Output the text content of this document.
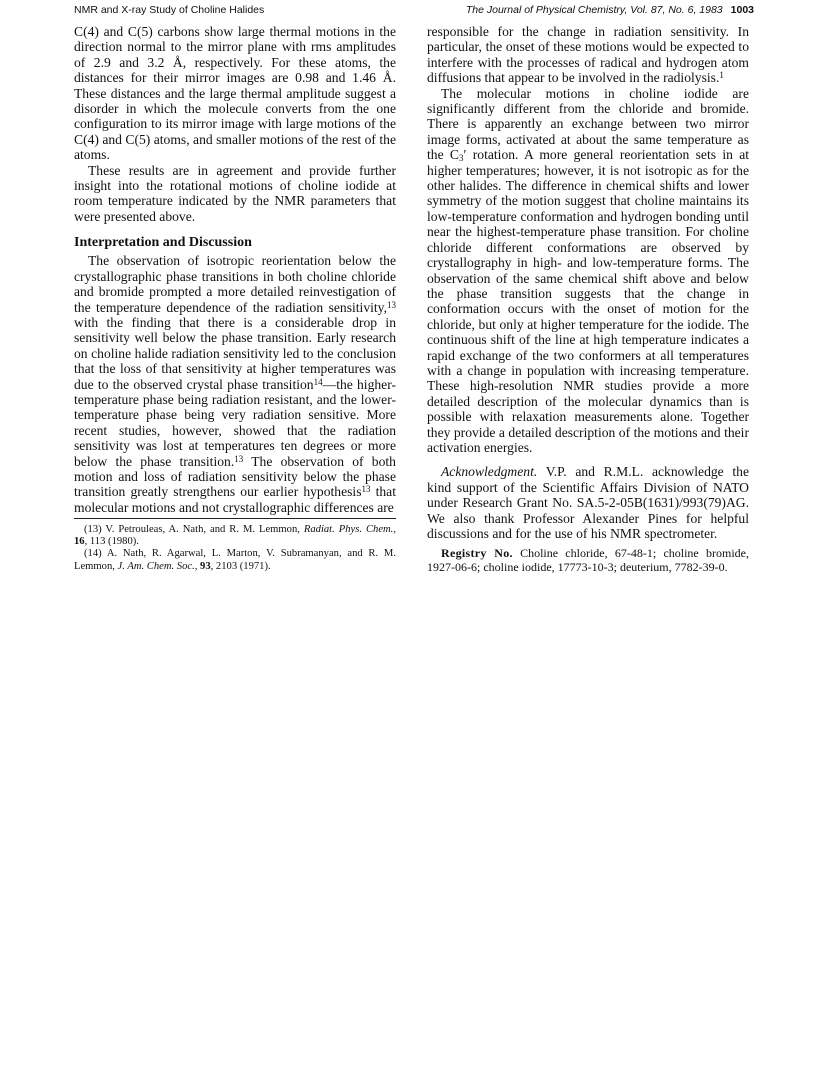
NMR and X-ray Study of Choline Halides	The Journal of Physical Chemistry, Vol. 87, No. 6, 1983 1003

C(4) and C(5) carbons show large thermal motions in the direction normal to the mirror plane with rms amplitudes of 2.9 and 3.2 Å, respectively. For these atoms, the distances for their mirror images are 0.98 and 1.46 Å. These distances and the large thermal amplitude suggest a disorder in which the molecule converts from the one configuration to its mirror image with large motions of the C(4) and C(5) atoms, and smaller motions of the rest of the atoms.

These results are in agreement and provide further insight into the rotational motions of choline iodide at room temperature indicated by the NMR parameters that were presented above.

Interpretation and Discussion

The observation of isotropic reorientation below the crystallographic phase transitions in both choline chloride and bromide prompted a more detailed reinvestigation of the temperature dependence of the radiation sensitivity,$^{13}$ with the finding that there is a considerable drop in sensitivity well below the phase transition. Early research on choline halide radiation sensitivity led to the conclusion that the loss of that sensitivity at higher temperatures was due to the observed crystal phase transition$^{14}$—the higher-temperature phase being radiation resistant, and the lower-temperature phase being very radiation sensitive. More recent studies, however, showed that the radiation sensitivity was lost at temperatures ten degrees or more below the phase transition.$^{13}$ The observation of both motion and loss of radiation sensitivity below the phase transition greatly strengthens our earlier hypothesis$^{13}$ that molecular motions and not crystallographic differences are

(13) V. Petrouleas, A. Nath, and R. M. Lemmon, Radiat. Phys. Chem., 16, 113 (1980).

(14) A. Nath, R. Agarwal, L. Marton, V. Subramanyan, and R. M. Lemmon, J. Am. Chem. Soc., 93, 2103 (1971).

responsible for the change in radiation sensitivity. In particular, the onset of these motions would be expected to interfere with the processes of radical and hydrogen atom diffusions that appear to be involved in the radiolysis.$^1$

The molecular motions in choline iodide are significantly different from the chloride and bromide. There is apparently an exchange between two mirror image forms, activated at about the same temperature as the $C_3'$ rotation. A more general reorientation sets in at higher temperatures; however, it is not isotropic as for the other halides. The difference in chemical shifts and lower symmetry of the motion suggest that choline maintains its low-temperature conformation and hydrogen bonding until near the highest-temperature phase transition. For choline chloride different conformations are observed by crystallography in high- and low-temperature forms. The observation of the same chemical shift above and below the phase transition suggests that the change in conformation occurs with the onset of motion for the chloride, but only at higher temperature for the iodide. The continuous shift of the line at high temperature indicates a rapid exchange of the two conformers at all temperatures with a change in population with increasing temperature. These high-resolution NMR studies provide a more detailed description of the molecular dynamics than is possible with relaxation measurements alone. Together they provide a detailed description of the motions and their activation energies.

Acknowledgment. V.P. and R.M.L. acknowledge the kind support of the Scientific Affairs Division of NATO under Research Grant No. SA.5-2-05B(1631)/993(79)AG. We also thank Professor Alexander Pines for helpful discussions and for the use of his NMR spectrometer.

Registry No. Choline chloride, 67-48-1; choline bromide, 1927-06-6; choline iodide, 17773-10-3; deuterium, 7782-39-0.
